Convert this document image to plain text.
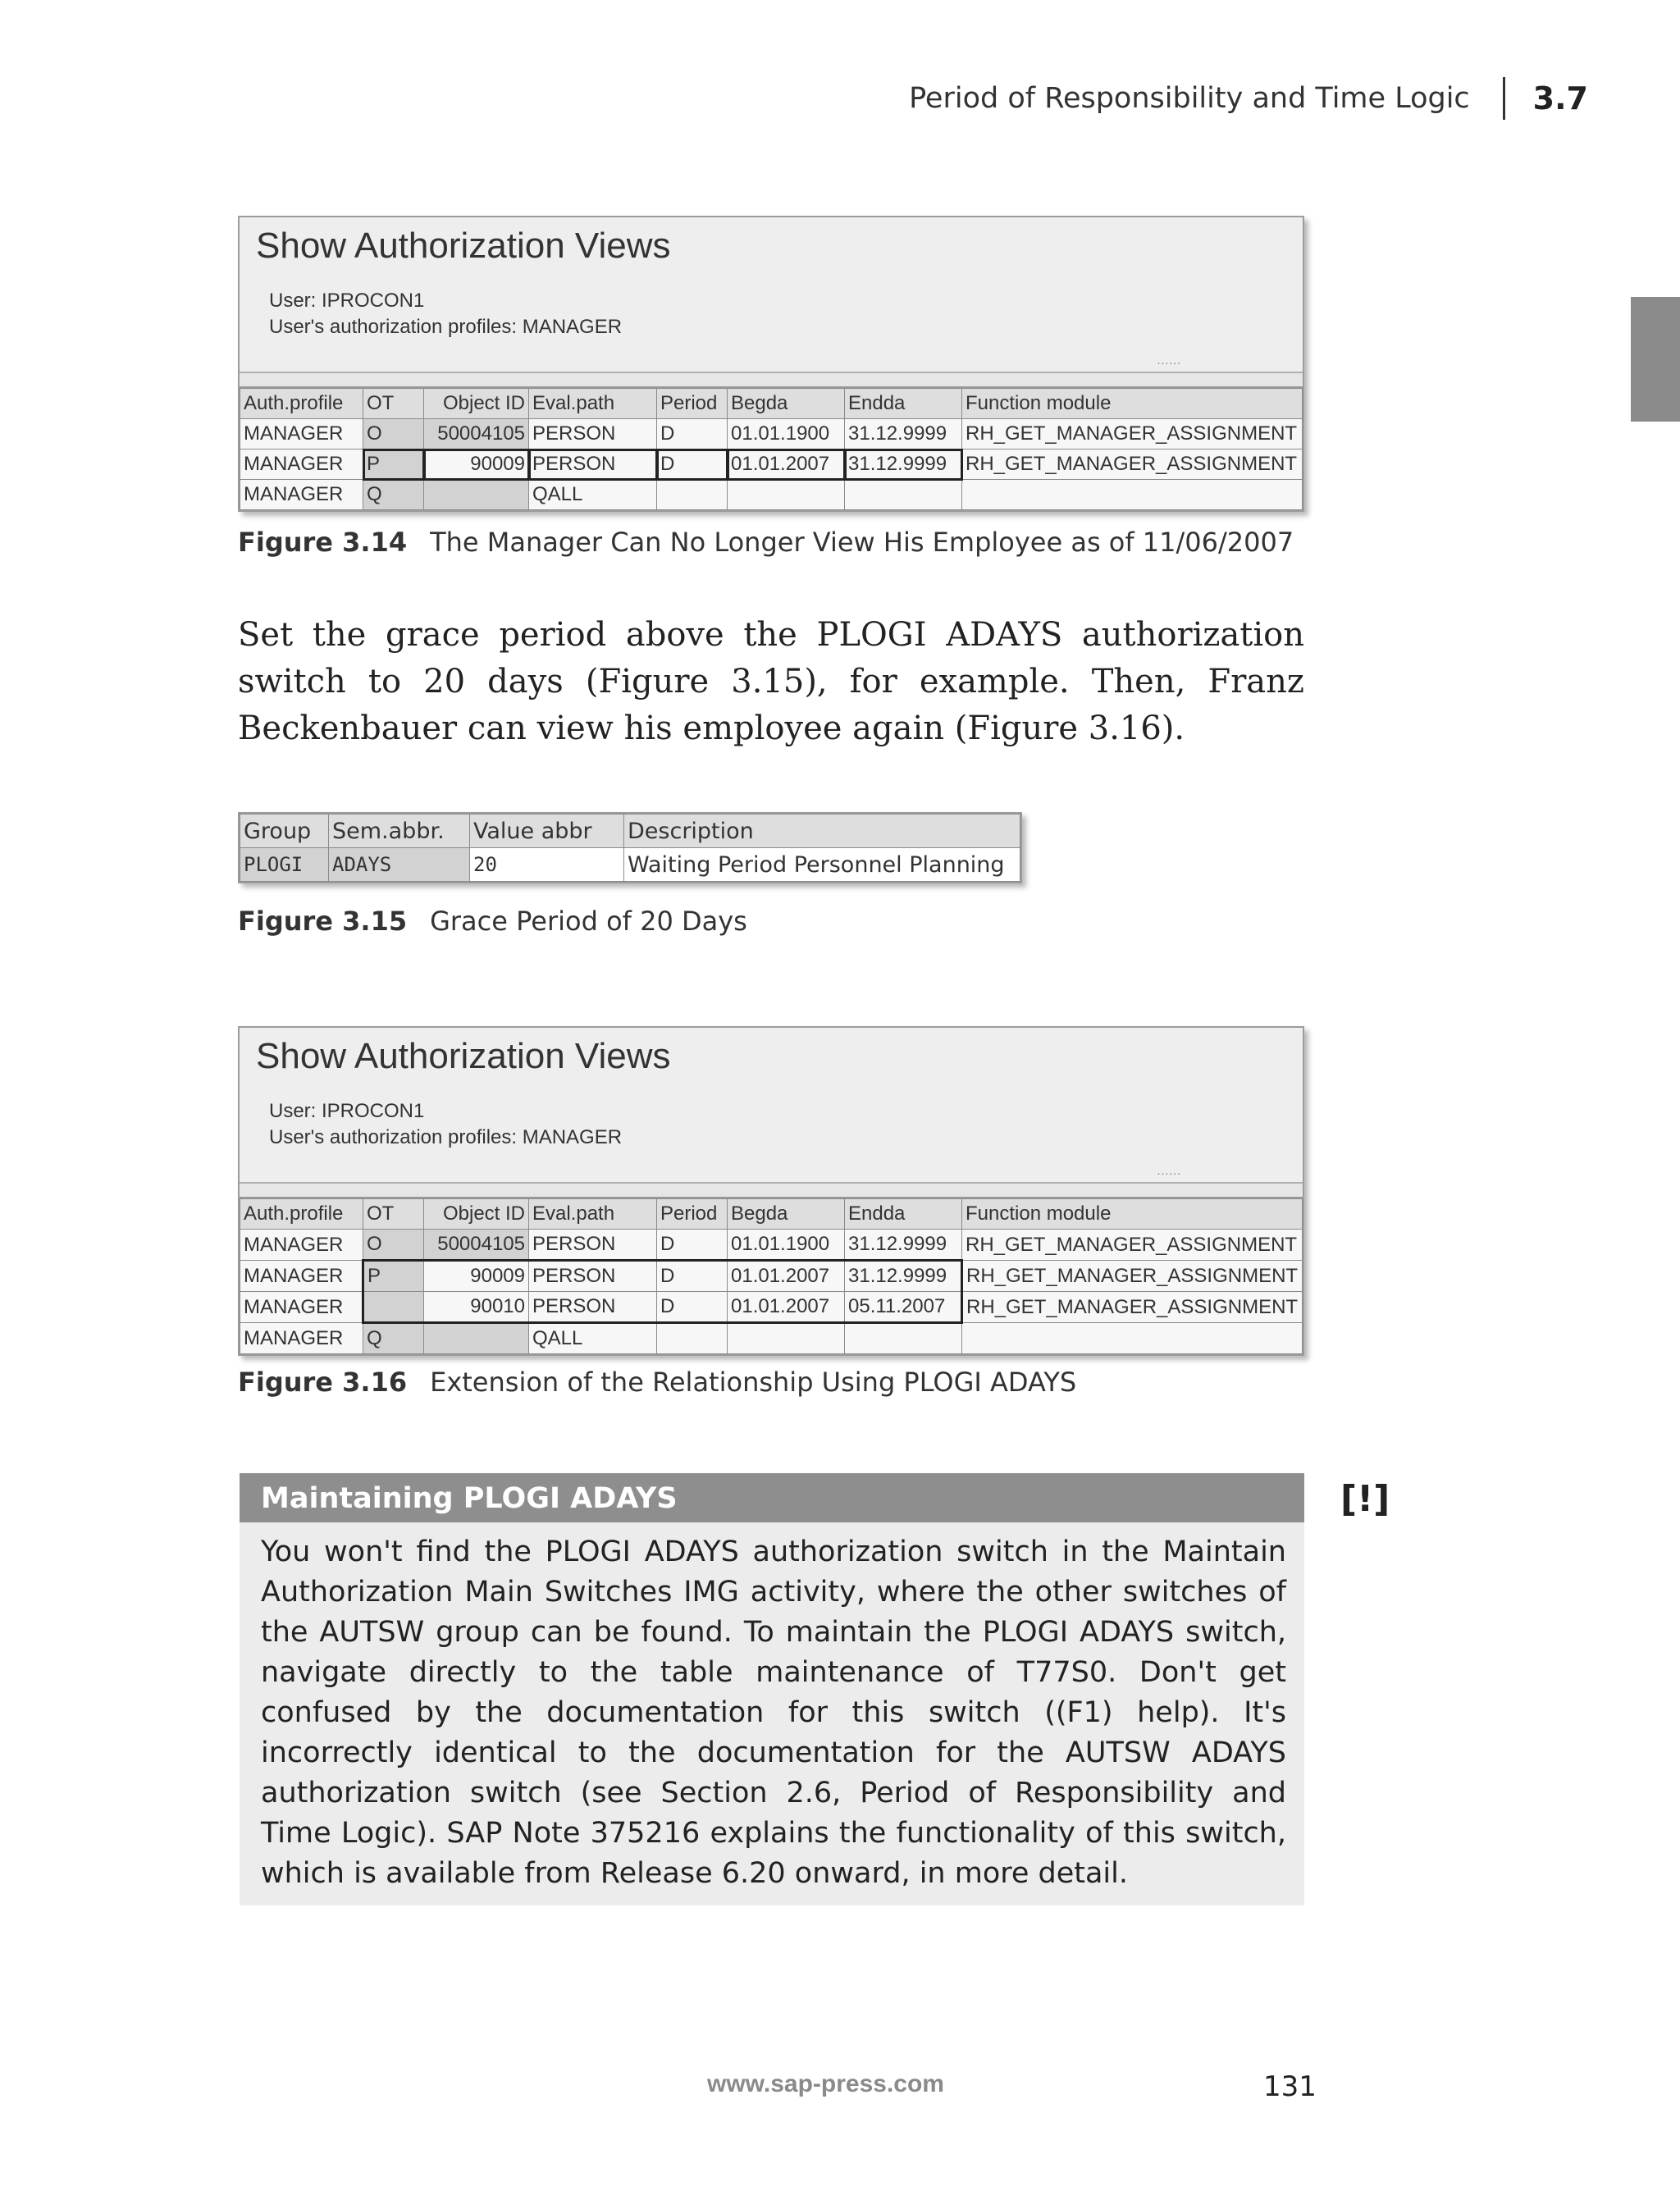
Period of Responsibility and Time Logic 3.7
Show Authorization Views
User: IPROCON1
User's authorization profiles: MANAGER
......
Auth.profile	OT	Object ID	Eval.path	Period	Begda	Endda	Function module
MANAGER	O	50004105	PERSON	D	01.01.1900	31.12.9999	RH_GET_MANAGER_ASSIGNMENT
MANAGER	P	90009	PERSON	D	01.01.2007	31.12.9999	RH_GET_MANAGER_ASSIGNMENT
MANAGER	Q		QALL				
Figure 3.14 The Manager Can No Longer View His Employee as of 11/06/2007
Set the grace period above the PLOGI ADAYS authorization switch to 20 days (Figure 3.15), for example. Then, Franz Beckenbauer can view his employee again (Figure 3.16).
Group	Sem.abbr.	Value abbr	Description
PLOGI	ADAYS	20	Waiting Period Personnel Planning
Figure 3.15 Grace Period of 20 Days
Show Authorization Views
User: IPROCON1
User's authorization profiles: MANAGER
......
Auth.profile	OT	Object ID	Eval.path	Period	Begda	Endda	Function module
MANAGER	O	50004105	PERSON	D	01.01.1900	31.12.9999	RH_GET_MANAGER_ASSIGNMENT
MANAGER	P	90009	PERSON	D	01.01.2007	31.12.9999	RH_GET_MANAGER_ASSIGNMENT
MANAGER		90010	PERSON	D	01.01.2007	05.11.2007	RH_GET_MANAGER_ASSIGNMENT
MANAGER	Q		QALL				
Figure 3.16 Extension of the Relationship Using PLOGI ADAYS
Maintaining PLOGI ADAYS
You won't find the PLOGI ADAYS authorization switch in the Maintain Authorization Main Switches IMG activity, where the other switches of the AUTSW group can be found. To maintain the PLOGI ADAYS switch, navigate directly to the table maintenance of T77S0. Don't get confused by the documentation for this switch ((F1) help). It's incorrectly identical to the documentation for the AUTSW ADAYS authorization switch (see Section 2.6, Period of Responsibility and Time Logic). SAP Note 375216 explains the functionality of this switch, which is available from Release 6.20 onward, in more detail.
[!]
www.sap-press.com	131
